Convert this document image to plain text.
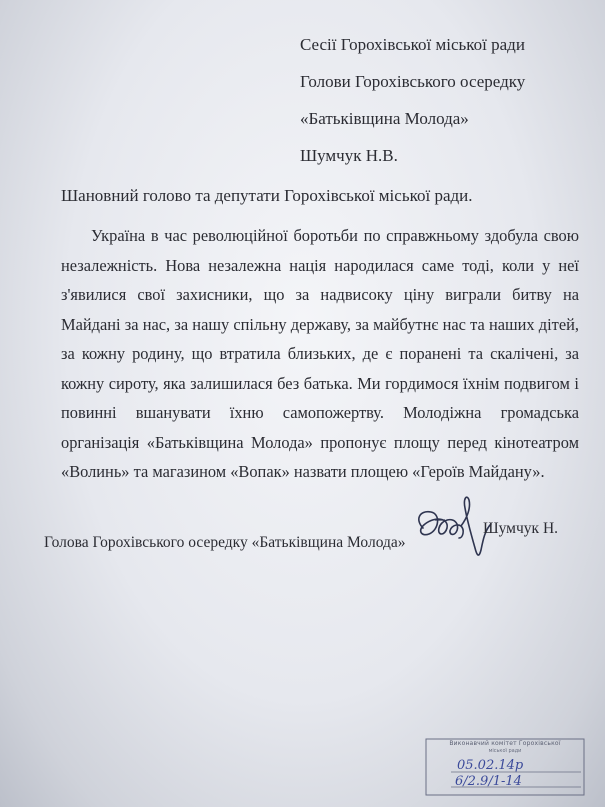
Сесії Горохівської міської ради
Голови Горохівського осередку
«Батьківщина Молода»
Шумчук Н.В.
Шановний голово та депутати Горохівської міської ради.
Україна в час революційної боротьби по справжньому здобула свою незалежність. Нова незалежна нація народилася саме тоді, коли у неї з'явилися свої захисники, що за надвисоку ціну виграли битву на Майдані за нас, за нашу спільну державу, за майбутнє нас та наших дітей, за кожну родину, що втратила близьких, де є поранені та скалічені, за кожну сироту, яка залишилася без батька. Ми гордимося їхнім подвигом і повинні вшанувати їхню самопожертву. Молодіжна громадська організація «Батьківщина Молода» пропонує площу перед кінотеатром «Волинь» та магазином «Вопак» назвати площею «Героїв Майдану».
Голова Горохівського осередку «Батьківщина Молода»
Шумчук Н.
Виконавчий комітет Горохівської
міської ради
05.02.14р
6/2.9/1-14
